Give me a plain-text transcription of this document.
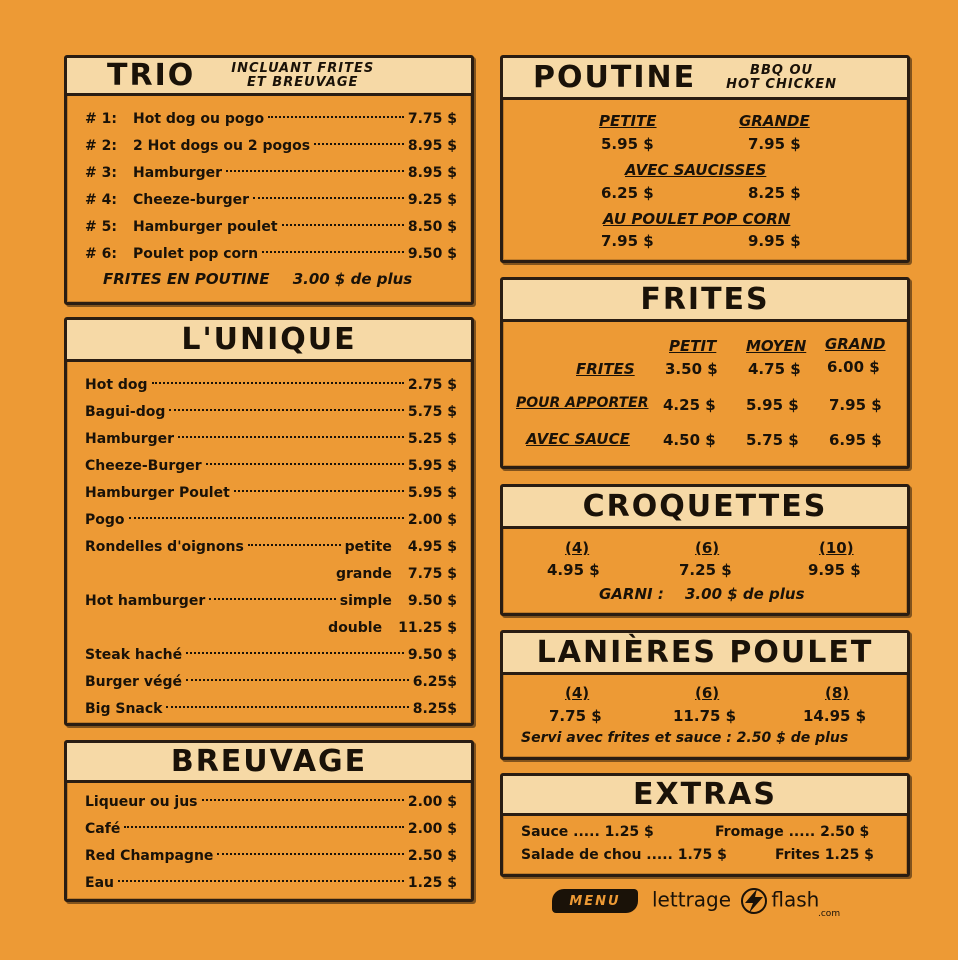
TRIO	INCLUANT FRITES
ET BREUVAGE
# 1:	Hot dog ou pogo	7.75 $
# 2:	2 Hot dogs ou 2 pogos	8.95 $
# 3:	Hamburger	8.95 $
# 4:	Cheeze-burger	9.25 $
# 5:	Hamburger poulet	8.50 $
# 6:	Poulet pop corn	9.50 $
FRITES EN POUTINE 3.00 $ de plus
L'UNIQUE
Hot dog	2.75 $
Bagui-dog	5.75 $
Hamburger	5.25 $
Cheeze-Burger	5.95 $
Hamburger Poulet	5.95 $
Pogo	2.00 $
Rondelles d'oignons	petite 4.95 $
grande 7.75 $
Hot hamburger	simple 9.50 $
double 11.25 $
Steak haché	9.50 $
Burger végé	6.25$
Big Snack	8.25$
BREUVAGE
Liqueur ou jus	2.00 $
Café	2.00 $
Red Champagne	2.50 $
Eau	1.25 $
POUTINE	BBQ OU
HOT CHICKEN
PETITE	GRANDE
5.95 $	7.95 $
AVEC SAUCISSES
6.25 $	8.25 $
AU POULET POP CORN
7.95 $	9.95 $
FRITES
PETIT MOYEN GRAND
FRITES 3.50 $ 4.75 $ 6.00 $
POUR APPORTER 4.25 $ 5.95 $ 7.95 $
AVEC SAUCE 4.50 $ 5.75 $ 6.95 $
CROQUETTES
(4)	(6)	(10)
4.95 $	7.25 $	9.95 $
GARNI : 3.00 $ de plus
LANIÈRES POULET
(4)	(6)	(8)
7.75 $	11.75 $	14.95 $
Servi avec frites et sauce : 2.50 $ de plus
EXTRAS
Sauce ..... 1.25 $	Fromage ..... 2.50 $
Salade de chou ..... 1.75 $	Frites 1.25 $
MENU	lettrage flash
.com
